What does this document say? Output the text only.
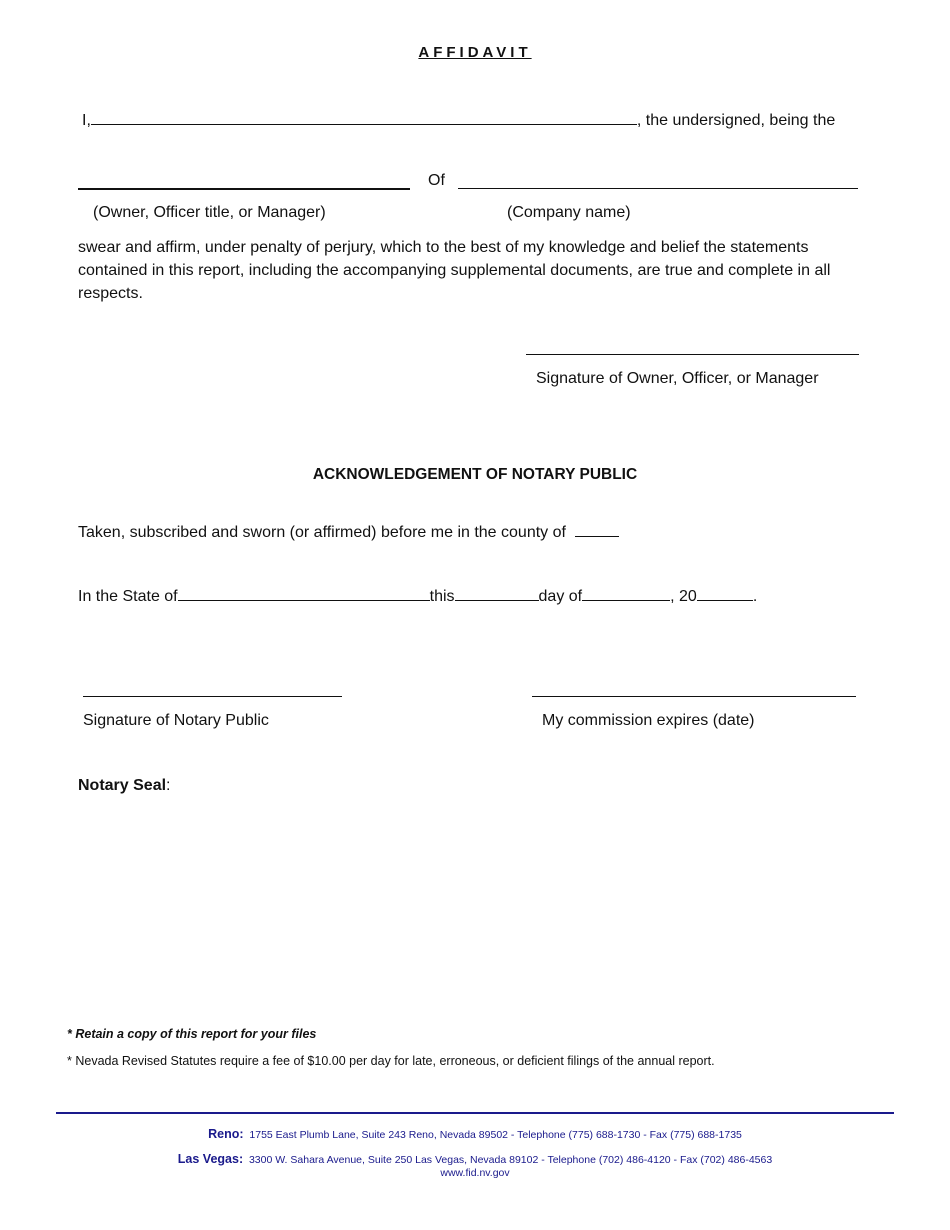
AFFIDAVIT
I,	, the undersigned, being the
Of
(Owner, Officer title, or Manager)	(Company name)
swear and affirm, under penalty of perjury, which to the best of my knowledge and belief the statements contained in this report, including the accompanying supplemental documents, are true and complete in all respects.
Signature of Owner, Officer, or Manager
ACKNOWLEDGEMENT OF NOTARY PUBLIC
Taken, subscribed and sworn (or affirmed) before me in the county of
In the State of	this	day of	, 20	.
Signature of Notary Public	My commission expires (date)
Notary Seal:
* Retain a copy of this report for your files
* Nevada Revised Statutes require a fee of $10.00 per day for late, erroneous, or deficient filings of the annual report.
Reno: 1755 East Plumb Lane, Suite 243 Reno, Nevada 89502 - Telephone (775) 688-1730 - Fax (775) 688-1735
Las Vegas: 3300 W. Sahara Avenue, Suite 250 Las Vegas, Nevada 89102 - Telephone (702) 486-4120 - Fax (702) 486-4563
www.fid.nv.gov
